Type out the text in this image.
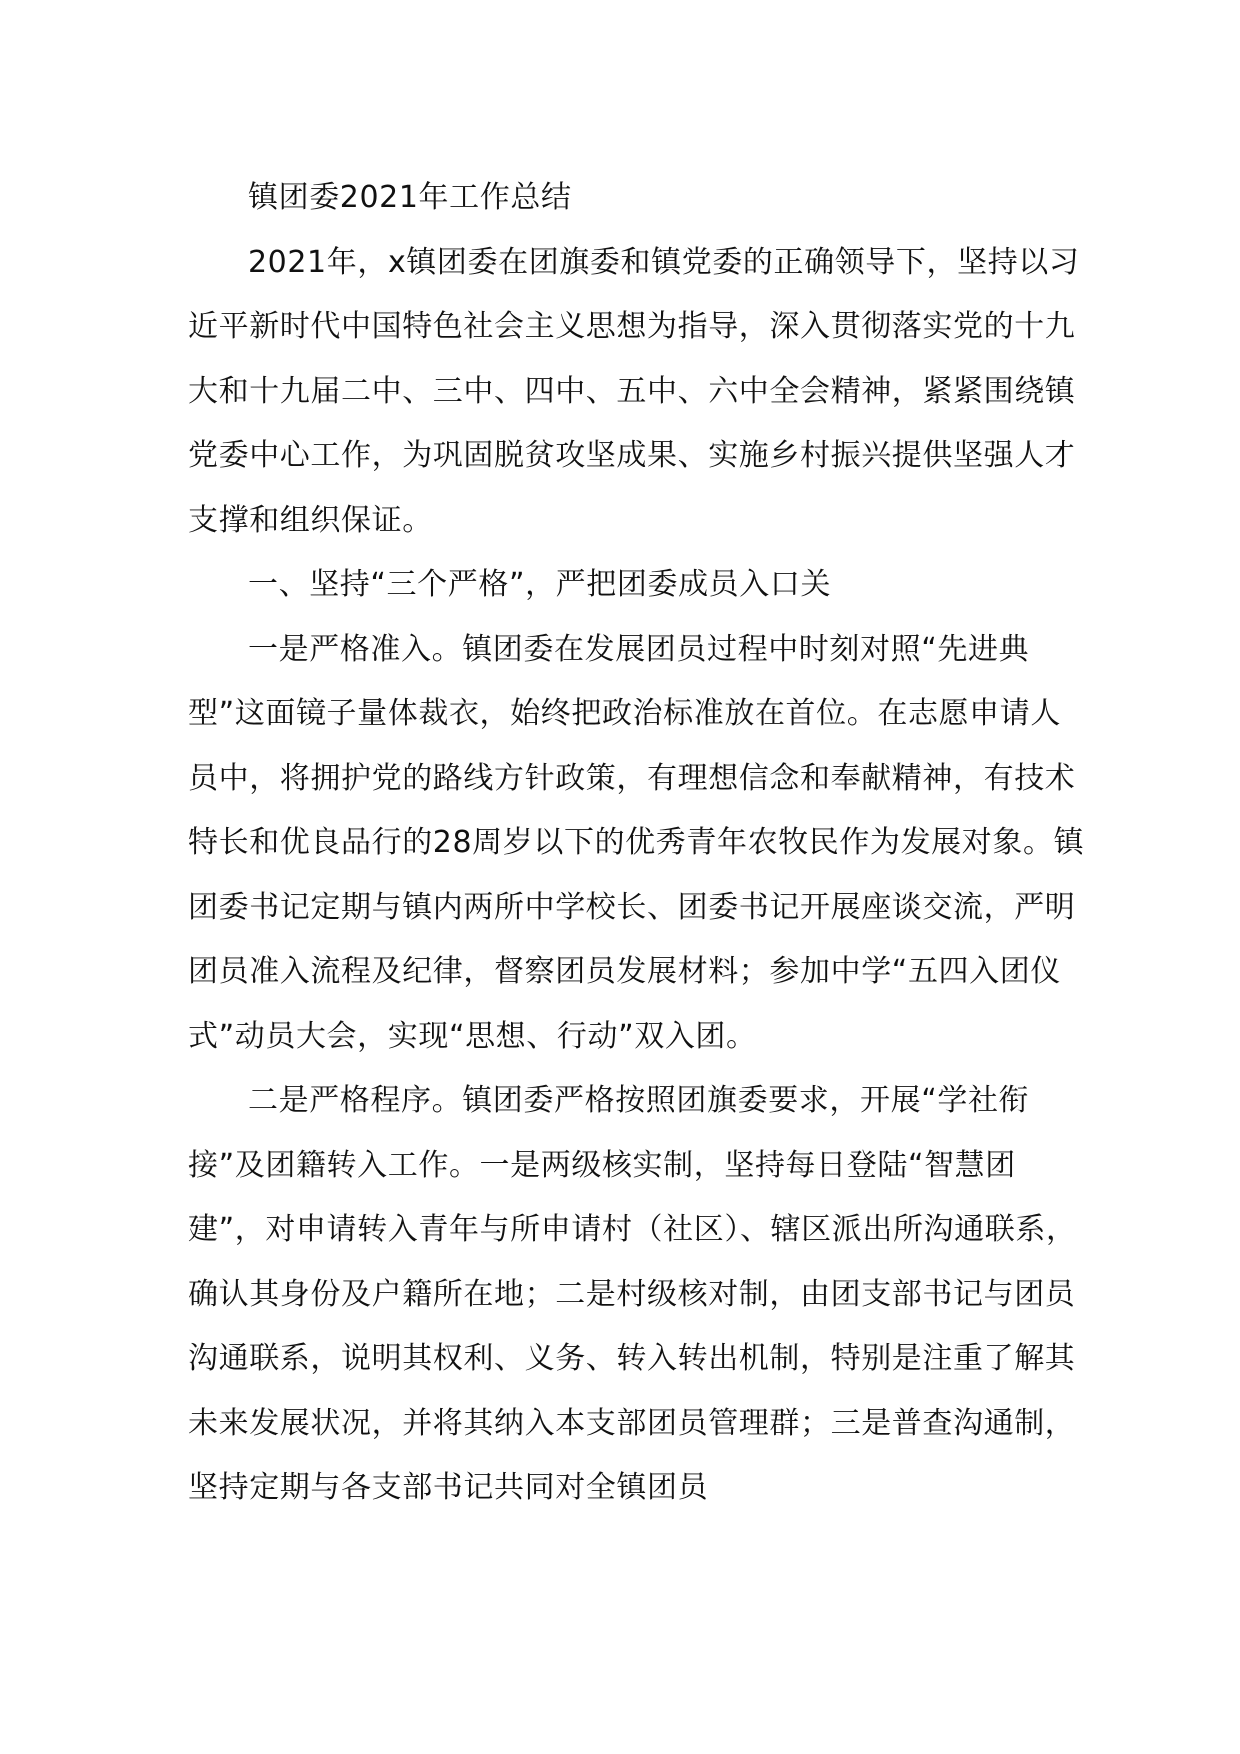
镇团委2021年工作总结

2021年，x镇团委在团旗委和镇党委的正确领导下，坚持以习近平新时代中国特色社会主义思想为指导，深入贯彻落实党的十九大和十九届二中、三中、四中、五中、六中全会精神，紧紧围绕镇党委中心工作，为巩固脱贫攻坚成果、实施乡村振兴提供坚强人才支撑和组织保证。

一、坚持“三个严格”，严把团委成员入口关

一是严格准入。镇团委在发展团员过程中时刻对照“先进典型”这面镜子量体裁衣，始终把政治标准放在首位。在志愿申请人员中，将拥护党的路线方针政策，有理想信念和奉献精神，有技术特长和优良品行的28周岁以下的优秀青年农牧民作为发展对象。镇团委书记定期与镇内两所中学校长、团委书记开展座谈交流，严明团员准入流程及纪律，督察团员发展材料；参加中学“五四入团仪式”动员大会，实现“思想、行动”双入团。

二是严格程序。镇团委严格按照团旗委要求，开展“学社衔接”及团籍转入工作。一是两级核实制，坚持每日登陆“智慧团建”，对申请转入青年与所申请村（社区）、辖区派出所沟通联系，确认其身份及户籍所在地；二是村级核对制，由团支部书记与团员沟通联系，说明其权利、义务、转入转出机制，特别是注重了解其未来发展状况，并将其纳入本支部团员管理群；三是普查沟通制，坚持定期与各支部书记共同对全镇团员
